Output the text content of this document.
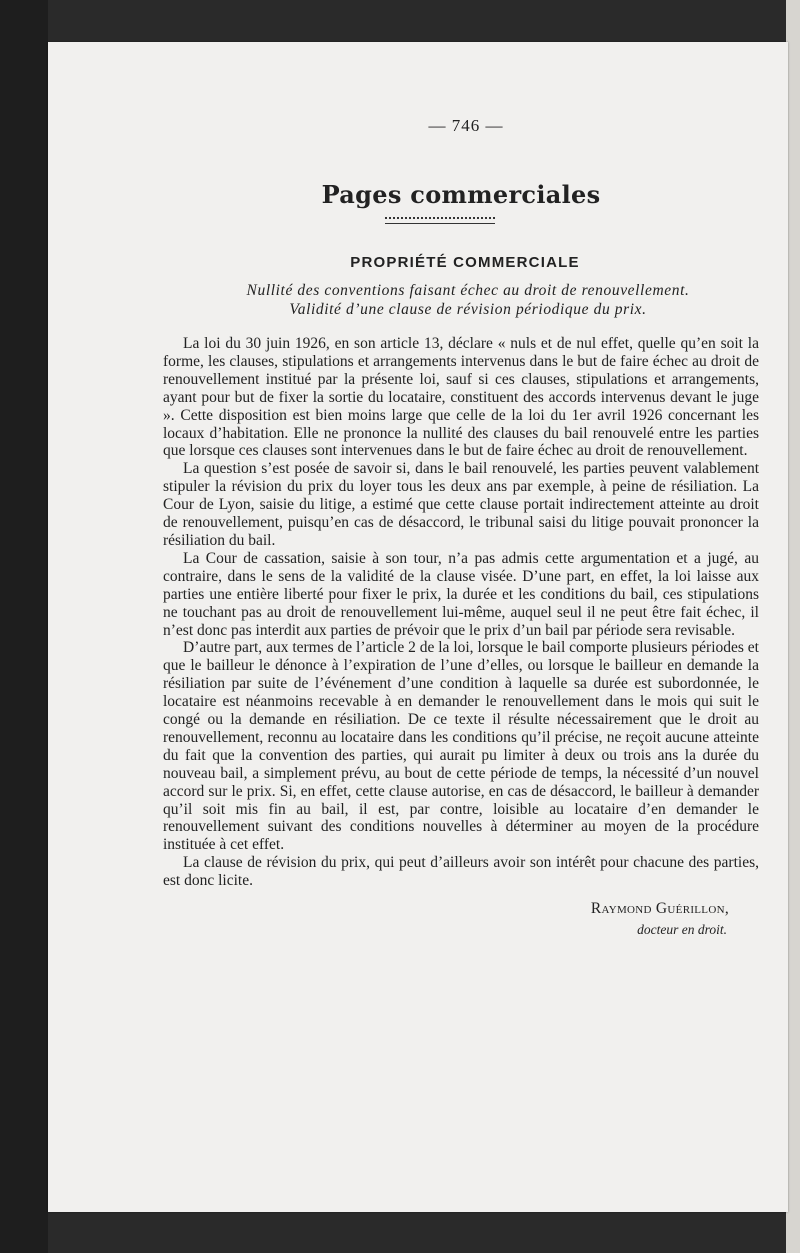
— 746 —
Pages commerciales
PROPRIÉTÉ COMMERCIALE
Nullité des conventions faisant échec au droit de renouvellement.
Validité d’une clause de révision périodique du prix.

La loi du 30 juin 1926, en son article 13, déclare « nuls et de nul effet, quelle qu’en soit la forme, les clauses, stipulations et arrangements intervenus dans le but de faire échec au droit de renouvellement institué par la présente loi, sauf si ces clauses, stipulations et arrangements, ayant pour but de fixer la sortie du locataire, constituent des accords intervenus devant le juge ». Cette disposition est bien moins large que celle de la loi du 1er avril 1926 concernant les locaux d’habitation. Elle ne prononce la nullité des clauses du bail renouvelé entre les parties que lorsque ces clauses sont intervenues dans le but de faire échec au droit de renouvellement.

La question s’est posée de savoir si, dans le bail renouvelé, les parties peuvent valablement stipuler la révision du prix du loyer tous les deux ans par exemple, à peine de résiliation. La Cour de Lyon, saisie du litige, a estimé que cette clause portait indirectement atteinte au droit de renouvellement, puisqu’en cas de désaccord, le tribunal saisi du litige pouvait prononcer la résiliation du bail.

La Cour de cassation, saisie à son tour, n’a pas admis cette argumentation et a jugé, au contraire, dans le sens de la validité de la clause visée. D’une part, en effet, la loi laisse aux parties une entière liberté pour fixer le prix, la durée et les conditions du bail, ces stipulations ne touchant pas au droit de renouvellement lui-même, auquel seul il ne peut être fait échec, il n’est donc pas interdit aux parties de prévoir que le prix d’un bail par période sera revisable.

D’autre part, aux termes de l’article 2 de la loi, lorsque le bail comporte plusieurs périodes et que le bailleur le dénonce à l’expiration de l’une d’elles, ou lorsque le bailleur en demande la résiliation par suite de l’événement d’une condition à laquelle sa durée est subordonnée, le locataire est néanmoins recevable à en demander le renouvellement dans le mois qui suit le congé ou la demande en résiliation. De ce texte il résulte nécessairement que le droit au renouvellement, reconnu au locataire dans les conditions qu’il précise, ne reçoit aucune atteinte du fait que la convention des parties, qui aurait pu limiter à deux ou trois ans la durée du nouveau bail, a simplement prévu, au bout de cette période de temps, la nécessité d’un nouvel accord sur le prix. Si, en effet, cette clause autorise, en cas de désaccord, le bailleur à demander qu’il soit mis fin au bail, il est, par contre, loisible au locataire d’en demander le renouvellement suivant des conditions nouvelles à déterminer au moyen de la procédure instituée à cet effet.

La clause de révision du prix, qui peut d’ailleurs avoir son intérêt pour chacune des parties, est donc licite.

Raymond Guérillon,
docteur en droit.
